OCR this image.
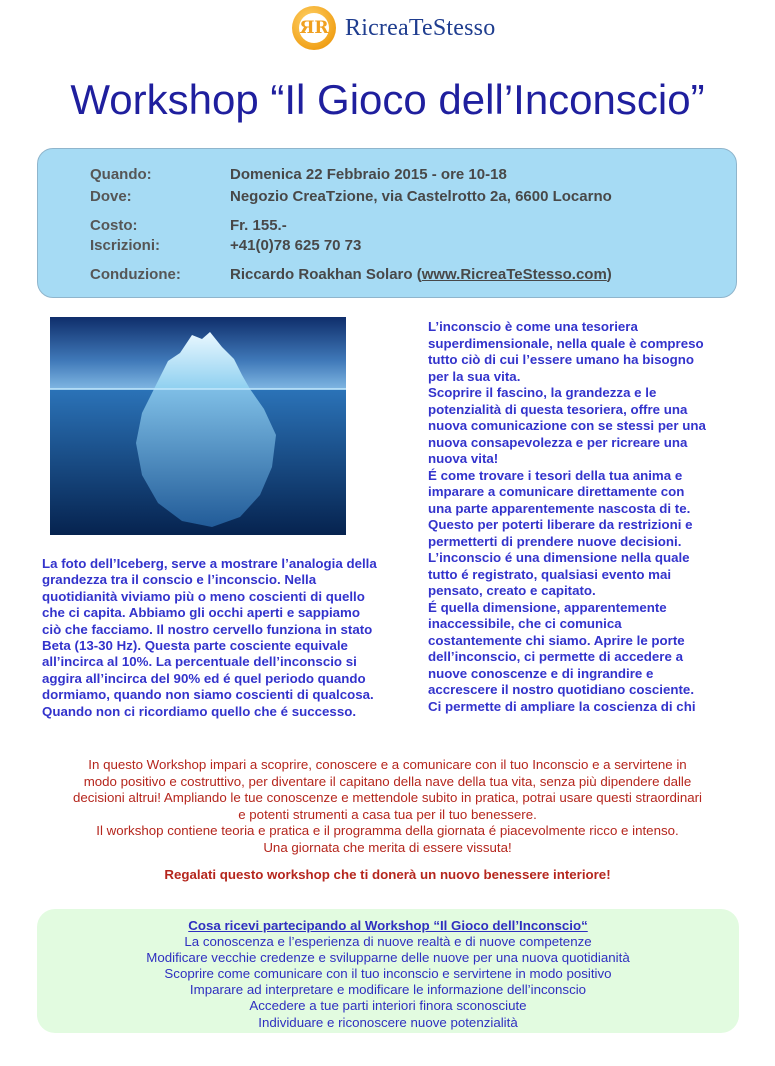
ЯR RicreaTeStesso
Workshop “Il Gioco dell’Inconscio”
Quando:	Domenica 22 Febbraio 2015 - ore 10-18
Dove:	Negozio CreaTzione, via Castelrotto 2a, 6600 Locarno
Costo:	Fr. 155.-
Iscrizioni:	+41(0)78 625 70 73
Conduzione:	Riccardo Roakhan Solaro (www.RicreaTeStesso.com)
La foto dell’Iceberg, serve a mostrare l’analogia della
grandezza tra il conscio e l’inconscio. Nella
quotidianità viviamo più o meno coscienti di quello
che ci capita. Abbiamo gli occhi aperti e sappiamo
ciò che facciamo. Il nostro cervello funziona in stato
Beta (13-30 Hz). Questa parte cosciente equivale
all’incirca al 10%. La percentuale dell’inconscio si
aggira all’incirca del 90% ed é quel periodo quando
dormiamo, quando non siamo coscienti di qualcosa.
Quando non ci ricordiamo quello che é successo.
L’inconscio è come una tesoriera
superdimensionale, nella quale è compreso
tutto ciò di cui l’essere umano ha bisogno
per la sua vita.
Scoprire il fascino, la grandezza e le
potenzialità di questa tesoriera, offre una
nuova comunicazione con se stessi per una
nuova consapevolezza e per ricreare una
nuova vita!
É come trovare i tesori della tua anima e
imparare a comunicare direttamente con
una parte apparentemente nascosta di te.
Questo per poterti liberare da restrizioni e
permetterti di prendere nuove decisioni.
L’inconscio é una dimensione nella quale
tutto é registrato, qualsiasi evento mai
pensato, creato e capitato.
É quella dimensione, apparentemente
inaccessibile, che ci comunica
costantemente chi siamo. Aprire le porte
dell’inconscio, ci permette di accedere a
nuove conoscenze e di ingrandire e
accrescere il nostro quotidiano cosciente.
Ci permette di ampliare la coscienza di chi
In questo Workshop impari a scoprire, conoscere e a comunicare con il tuo Inconscio e a servirtene in
modo positivo e costruttivo, per diventare il capitano della nave della tua vita, senza più dipendere dalle
decisioni altrui! Ampliando le tue conoscenze e mettendole subito in pratica, potrai usare questi straordinari
e potenti strumenti a casa tua per il tuo benessere.
Il workshop contiene teoria e pratica e il programma della giornata é piacevolmente ricco e intenso.
Una giornata che merita di essere vissuta!
Regalati questo workshop che ti donerà un nuovo benessere interiore!
Cosa ricevi partecipando al Workshop “Il Gioco dell’Inconscio“
La conoscenza e l’esperienza di nuove realtà e di nuove competenze
Modificare vecchie credenze e svilupparne delle nuove per una nuova quotidianità
Scoprire come comunicare con il tuo inconscio e servirtene in modo positivo
Imparare ad interpretare e modificare le informazione dell’inconscio
Accedere a tue parti interiori finora sconosciute
Individuare e riconoscere nuove potenzialità
